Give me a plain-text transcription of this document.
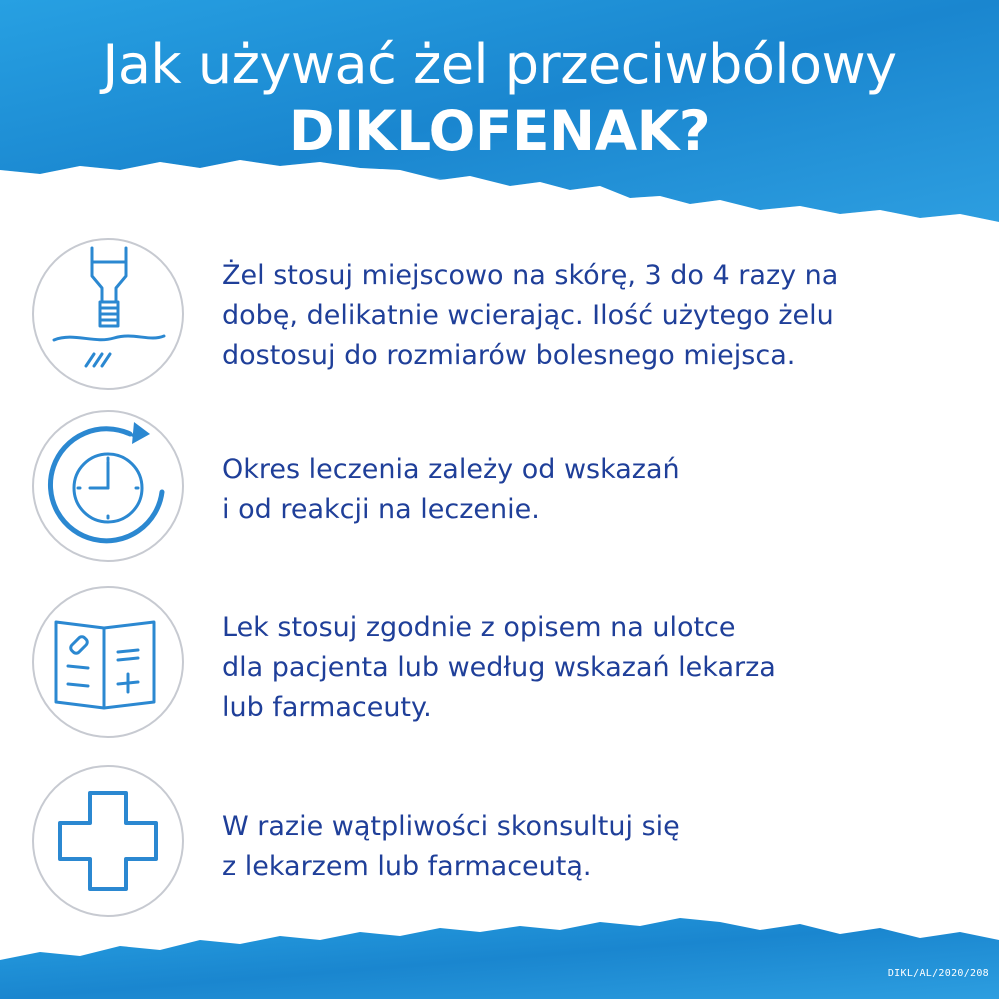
Jak używać żel przeciwbólowy
DIKLOFENAK?
Żel stosuj miejscowo na skórę, 3 do 4 razy na
dobę, delikatnie wcierając. Ilość użytego żelu
dostosuj do rozmiarów bolesnego miejsca.
Okres leczenia zależy od wskazań
i od reakcji na leczenie.
Lek stosuj zgodnie z opisem na ulotce
dla pacjenta lub według wskazań lekarza
lub farmaceuty.
W razie wątpliwości skonsultuj się
z lekarzem lub farmaceutą.
DIKL/AL/2020/208
